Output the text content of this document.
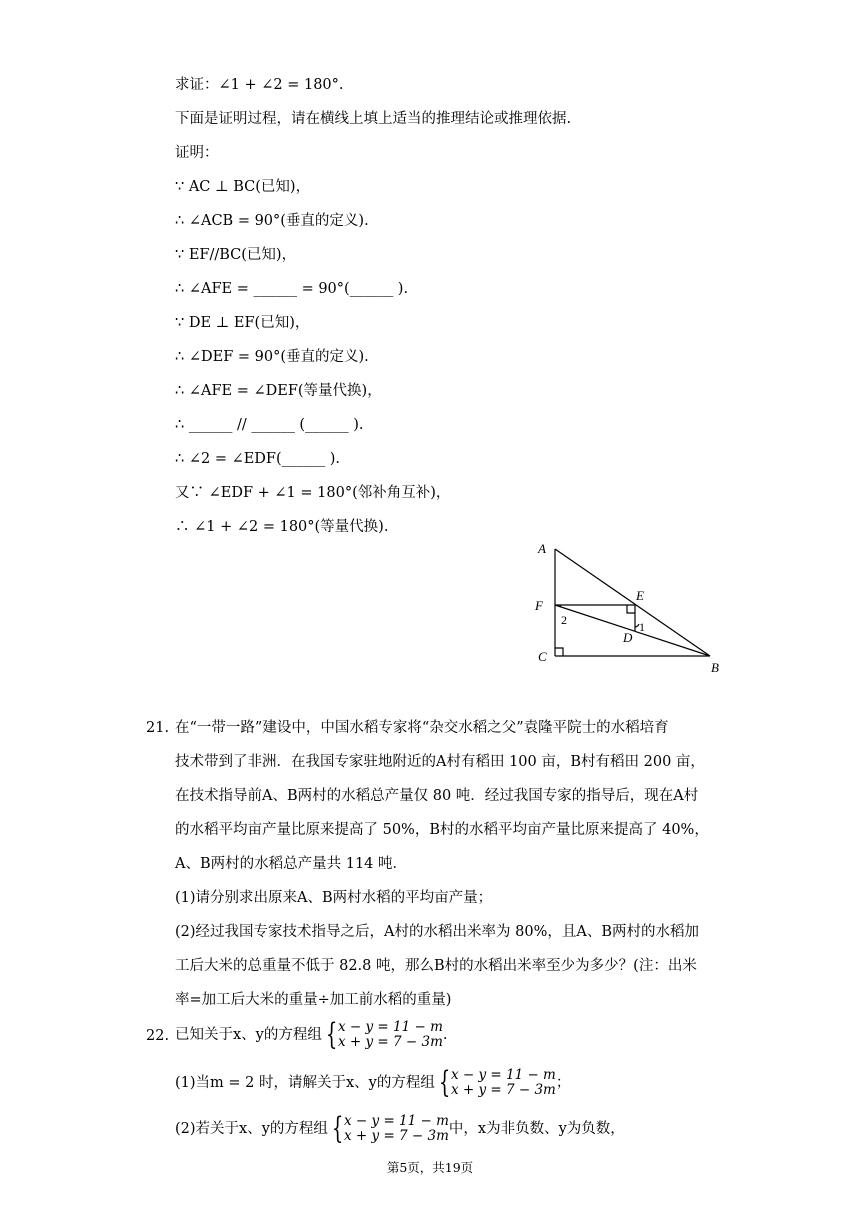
求证：∠1 + ∠2 = 180°.
下面是证明过程，请在横线上填上适当的推理结论或推理依据.
证明：
∵ AC ⊥ BC(已知)，
∴ ∠ACB = 90°(垂直的定义).
∵ EF//BC(已知)，
∴ ∠AFE = ______ = 90°(______ ).
∵ DE ⊥ EF(已知)，
∴ ∠DEF = 90°(垂直的定义).
∴ ∠AFE = ∠DEF(等量代换)，
∴ ______ // ______ (______ ).
∴ ∠2 = ∠EDF(______ ).
又∵ ∠EDF + ∠1 = 180°(邻补角互补)，
∴ ∠1 + ∠2 = 180°(等量代换).
A
F
C
E
D
B
1
2
21. 在“一带一路”建设中，中国水稻专家将“杂交水稻之父”袁隆平院士的水稻培育
技术带到了非洲．在我国专家驻地附近的A村有稻田 100 亩，B村有稻田 200 亩，
在技术指导前A、B两村的水稻总产量仅 80 吨．经过我国专家的指导后，现在A村
的水稻平均亩产量比原来提高了 50%，B村的水稻平均亩产量比原来提高了 40%，
A、B两村的水稻总产量共 114 吨．
(1)请分别求出原来A、B两村水稻的平均亩产量；
(2)经过我国专家技术指导之后，A村的水稻出米率为 80%，且A、B两村的水稻加
工后大米的总重量不低于 82.8 吨，那么B村的水稻出米率至少为多少？(注：出米
率=加工后大米的重量÷加工前水稻的重量)
22. 已知关于x、y的方程组 { x − y = 11 − m
x + y = 7 − 3m .
(1)当m = 2 时，请解关于x、y的方程组 { x − y = 11 − m
x + y = 7 − 3m ；
(2)若关于x、y的方程组 { x − y = 11 − m
x + y = 7 − 3m 中，x为非负数、y为负数，
第5页，共19页
